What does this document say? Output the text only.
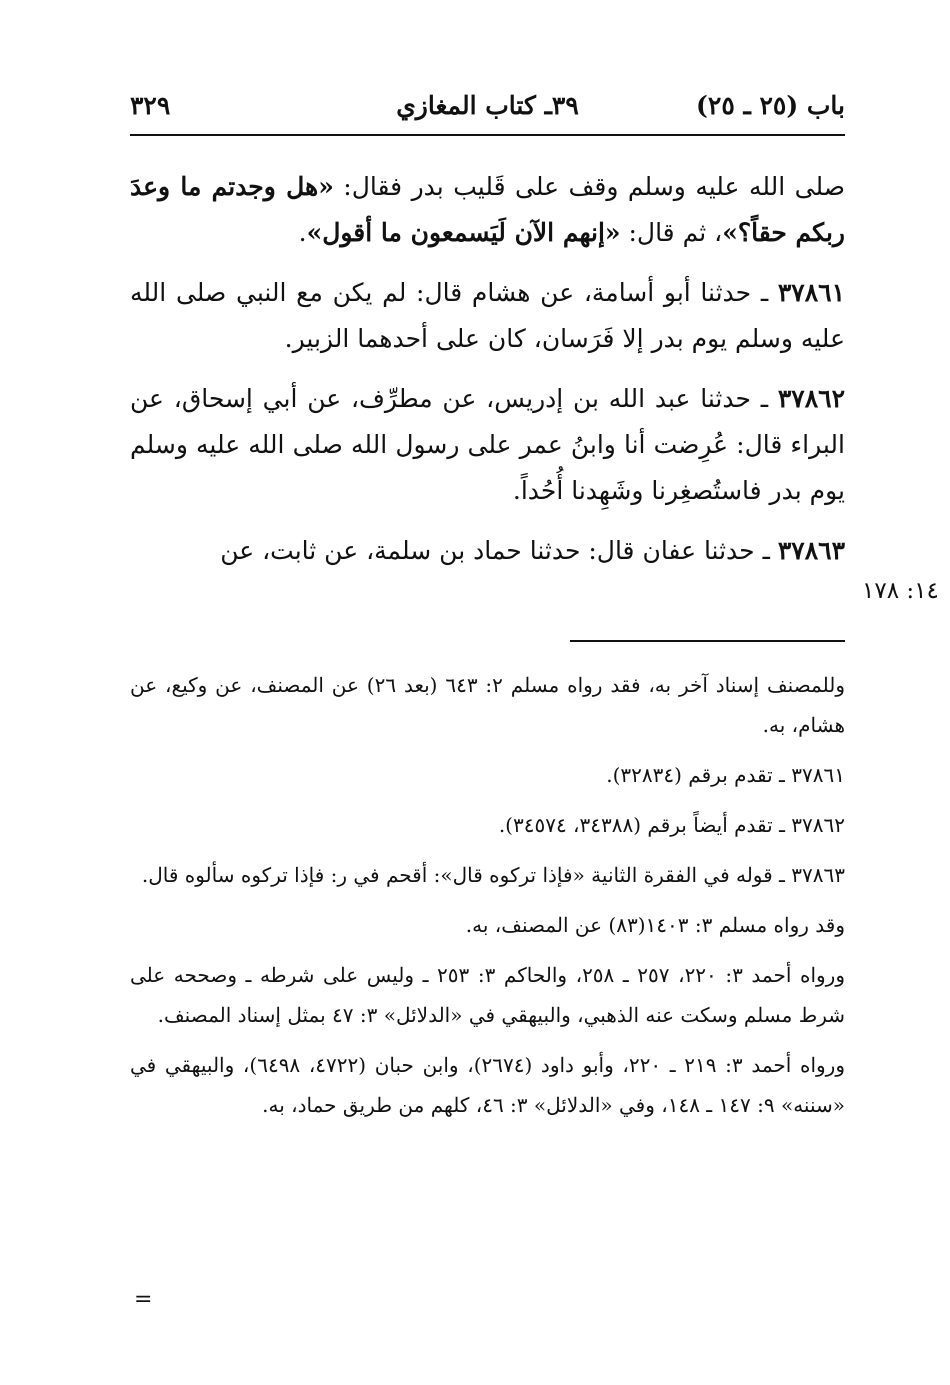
باب (٢٥ ـ ٢٥)
٣٩ـ كتاب المغازي
٣٢٩

صلى الله عليه وسلم وقف على قَليب بدر فقال: «هل وجدتم ما وعدَ ربكم حقاً؟»، ثم قال: «إنهم الآن لَيَسمعون ما أقول».

٣٧٨٦١ ـ حدثنا أبو أسامة، عن هشام قال: لم يكن مع النبي صلى الله عليه وسلم يوم بدر إلا فَرَسان، كان على أحدهما الزبير.

٣٧٨٦٢ ـ حدثنا عبد الله بن إدريس، عن مطرِّف، عن أبي إسحاق، عن البراء قال: عُرِضت أنا وابنُ عمر على رسول الله صلى الله عليه وسلم يوم بدر فاستُصغِرنا وشَهِدنا أُحُداً.

٣٧٨٦٣ ـ حدثنا عفان قال: حدثنا حماد بن سلمة، عن ثابت، عن

١٤: ١٧٨

وللمصنف إسناد آخر به، فقد رواه مسلم ٢: ٦٤٣ (بعد ٢٦) عن المصنف، عن وكيع، عن هشام، به.

٣٧٨٦١ ـ تقدم برقم (٣٢٨٣٤).

٣٧٨٦٢ ـ تقدم أيضاً برقم (٣٤٣٨٨، ٣٤٥٧٤).

٣٧٨٦٣ ـ قوله في الفقرة الثانية «فإذا تركوه قال»: أقحم في ر: فإذا تركوه سألوه قال.

وقد رواه مسلم ٣: ١٤٠٣(٨٣) عن المصنف، به.

ورواه أحمد ٣: ٢٢٠، ٢٥٧ ـ ٢٥٨، والحاكم ٣: ٢٥٣ ـ وليس على شرطه ـ وصححه على شرط مسلم وسكت عنه الذهبي، والبيهقي في «الدلائل» ٣: ٤٧ بمثل إسناد المصنف.

ورواه أحمد ٣: ٢١٩ ـ ٢٢٠، وأبو داود (٢٦٧٤)، وابن حبان (٤٧٢٢، ٦٤٩٨)، والبيهقي في «سننه» ٩: ١٤٧ ـ ١٤٨، وفي «الدلائل» ٣: ٤٦، كلهم من طريق حماد، به.

=
